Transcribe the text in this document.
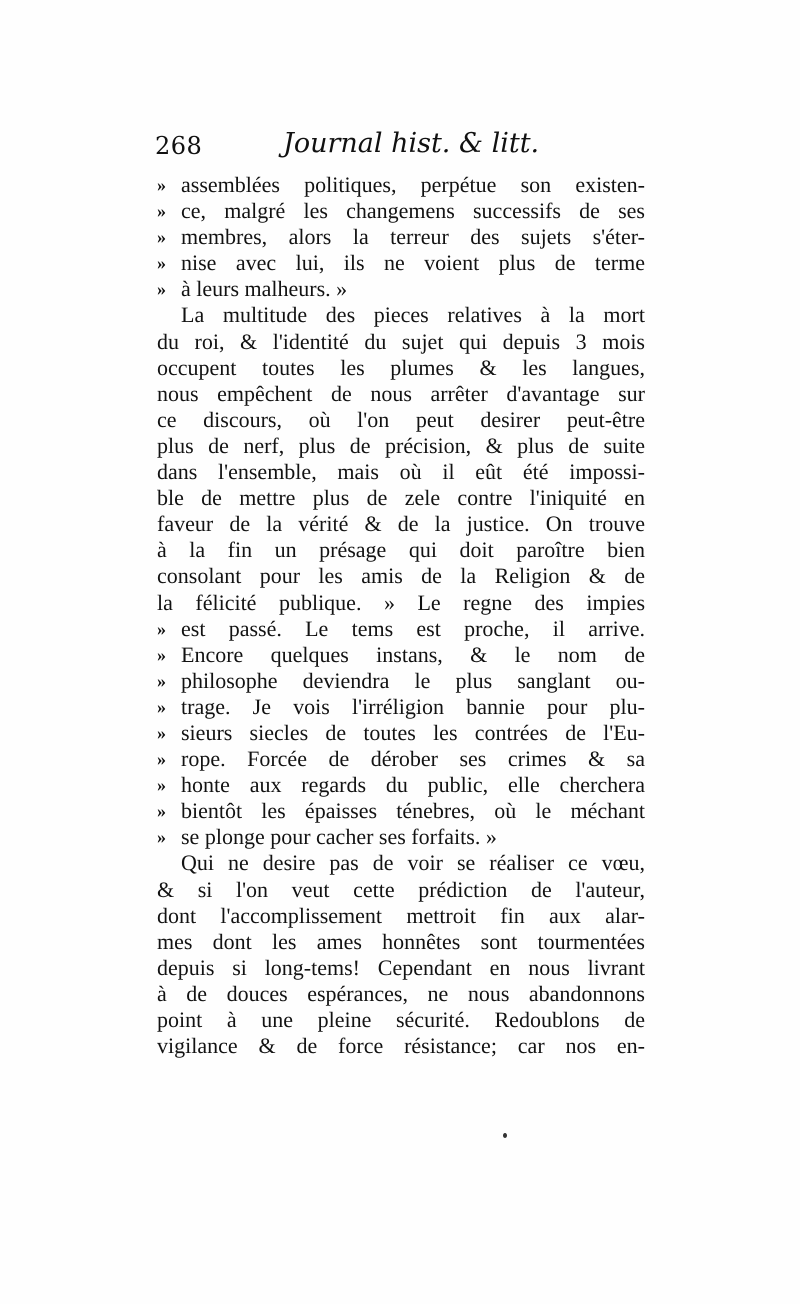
268	Journal hist. & litt.
» assemblées politiques, perpétue son existen-
» ce, malgré les changemens successifs de ses
» membres, alors la terreur des sujets s'éter-
» nise avec lui, ils ne voient plus de terme
» à leurs malheurs. »
La multitude des pieces relatives à la mort
du roi, & l'identité du sujet qui depuis 3 mois
occupent toutes les plumes & les langues,
nous empêchent de nous arrêter d'avantage sur
ce discours, où l'on peut desirer peut-être
plus de nerf, plus de précision, & plus de suite
dans l'ensemble, mais où il eût été impossi-
ble de mettre plus de zele contre l'iniquité en
faveur de la vérité & de la justice. On trouve
à la fin un présage qui doit paroître bien
consolant pour les amis de la Religion & de
la félicité publique. » Le regne des impies
» est passé. Le tems est proche, il arrive.
» Encore quelques instans, & le nom de
» philosophe deviendra le plus sanglant ou-
» trage. Je vois l'irréligion bannie pour plu-
» sieurs siecles de toutes les contrées de l'Eu-
» rope. Forcée de dérober ses crimes & sa
» honte aux regards du public, elle cherchera
» bientôt les épaisses ténebres, où le méchant
» se plonge pour cacher ses forfaits. »
Qui ne desire pas de voir se réaliser ce vœu,
& si l'on veut cette prédiction de l'auteur,
dont l'accomplissement mettroit fin aux alar-
mes dont les ames honnêtes sont tourmentées
depuis si long-tems! Cependant en nous livrant
à de douces espérances, ne nous abandonnons
point à une pleine sécurité. Redoublons de
vigilance & de force résistance; car nos en-
